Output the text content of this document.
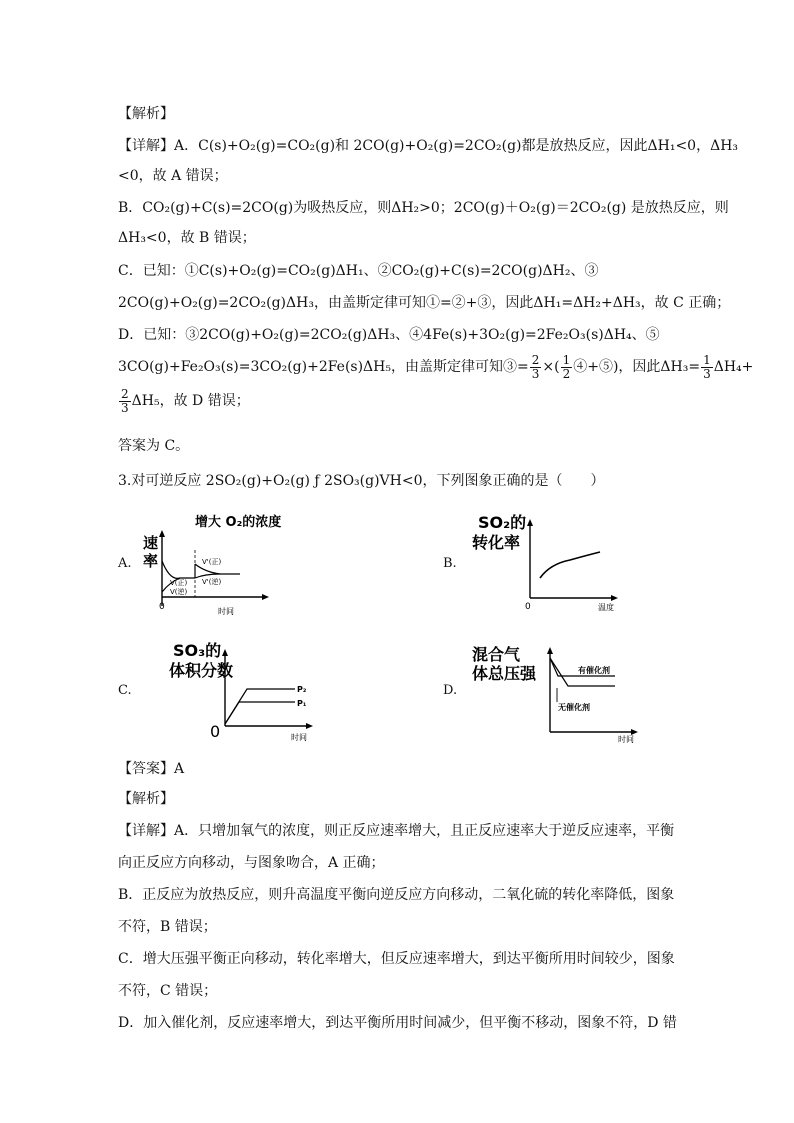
【解析】
【详解】A．C(s)+O₂(g)=CO₂(g)和 2CO(g)+O₂(g)=2CO₂(g)都是放热反应，因此ΔH₁<0，ΔH₃
<0，故 A 错误；
B．CO₂(g)+C(s)=2CO(g)为吸热反应，则ΔH₂>0；2CO(g)＋O₂(g)＝2CO₂(g) 是放热反应，则
ΔH₃<0，故 B 错误；
C．已知：①C(s)+O₂(g)=CO₂(g)ΔH₁、②CO₂(g)+C(s)=2CO(g)ΔH₂、③
2CO(g)+O₂(g)=2CO₂(g)ΔH₃，由盖斯定律可知①=②+③，因此ΔH₁=ΔH₂+ΔH₃，故 C 正确；
D．已知：③2CO(g)+O₂(g)=2CO₂(g)ΔH₃、④4Fe(s)+3O₂(g)=2Fe₂O₃(s)ΔH₄、⑤
3CO(g)+Fe₂O₃(s)=3CO₂(g)+2Fe(s)ΔH₅，由盖斯定律可知③= $\frac{2}{3}$ ×( $\frac{1}{2}$ ④+⑤)，因此$\Delta H_3= \frac{1}{3} \Delta H_4+$
$\frac{2}{3} \Delta H_5$，故 D 错误；
答案为 C。
3.对可逆反应 2SO₂(g)+O₂(g) ƒ 2SO₃(g)VH<0，下列图象正确的是（　　）
A.	B.
C.	D.
增大 O₂的浓度
速
率
V(正)
V(逆)
V'(正)
V'(逆)
0	时间
SO₂的
转化率
0	温度
SO₃的
体积分数
P₂
P₁
0	时间
混合气
体总压强	有催化剂
无催化剂
时间
【答案】A
【解析】
【详解】A．只增加氧气的浓度，则正反应速率增大，且正反应速率大于逆反应速率，平衡
向正反应方向移动，与图象吻合，A 正确；
B．正反应为放热反应，则升高温度平衡向逆反应方向移动，二氧化硫的转化率降低，图象
不符，B 错误；
C．增大压强平衡正向移动，转化率增大，但反应速率增大，到达平衡所用时间较少，图象
不符，C 错误；
D．加入催化剂，反应速率增大，到达平衡所用时间减少，但平衡不移动，图象不符，D 错
